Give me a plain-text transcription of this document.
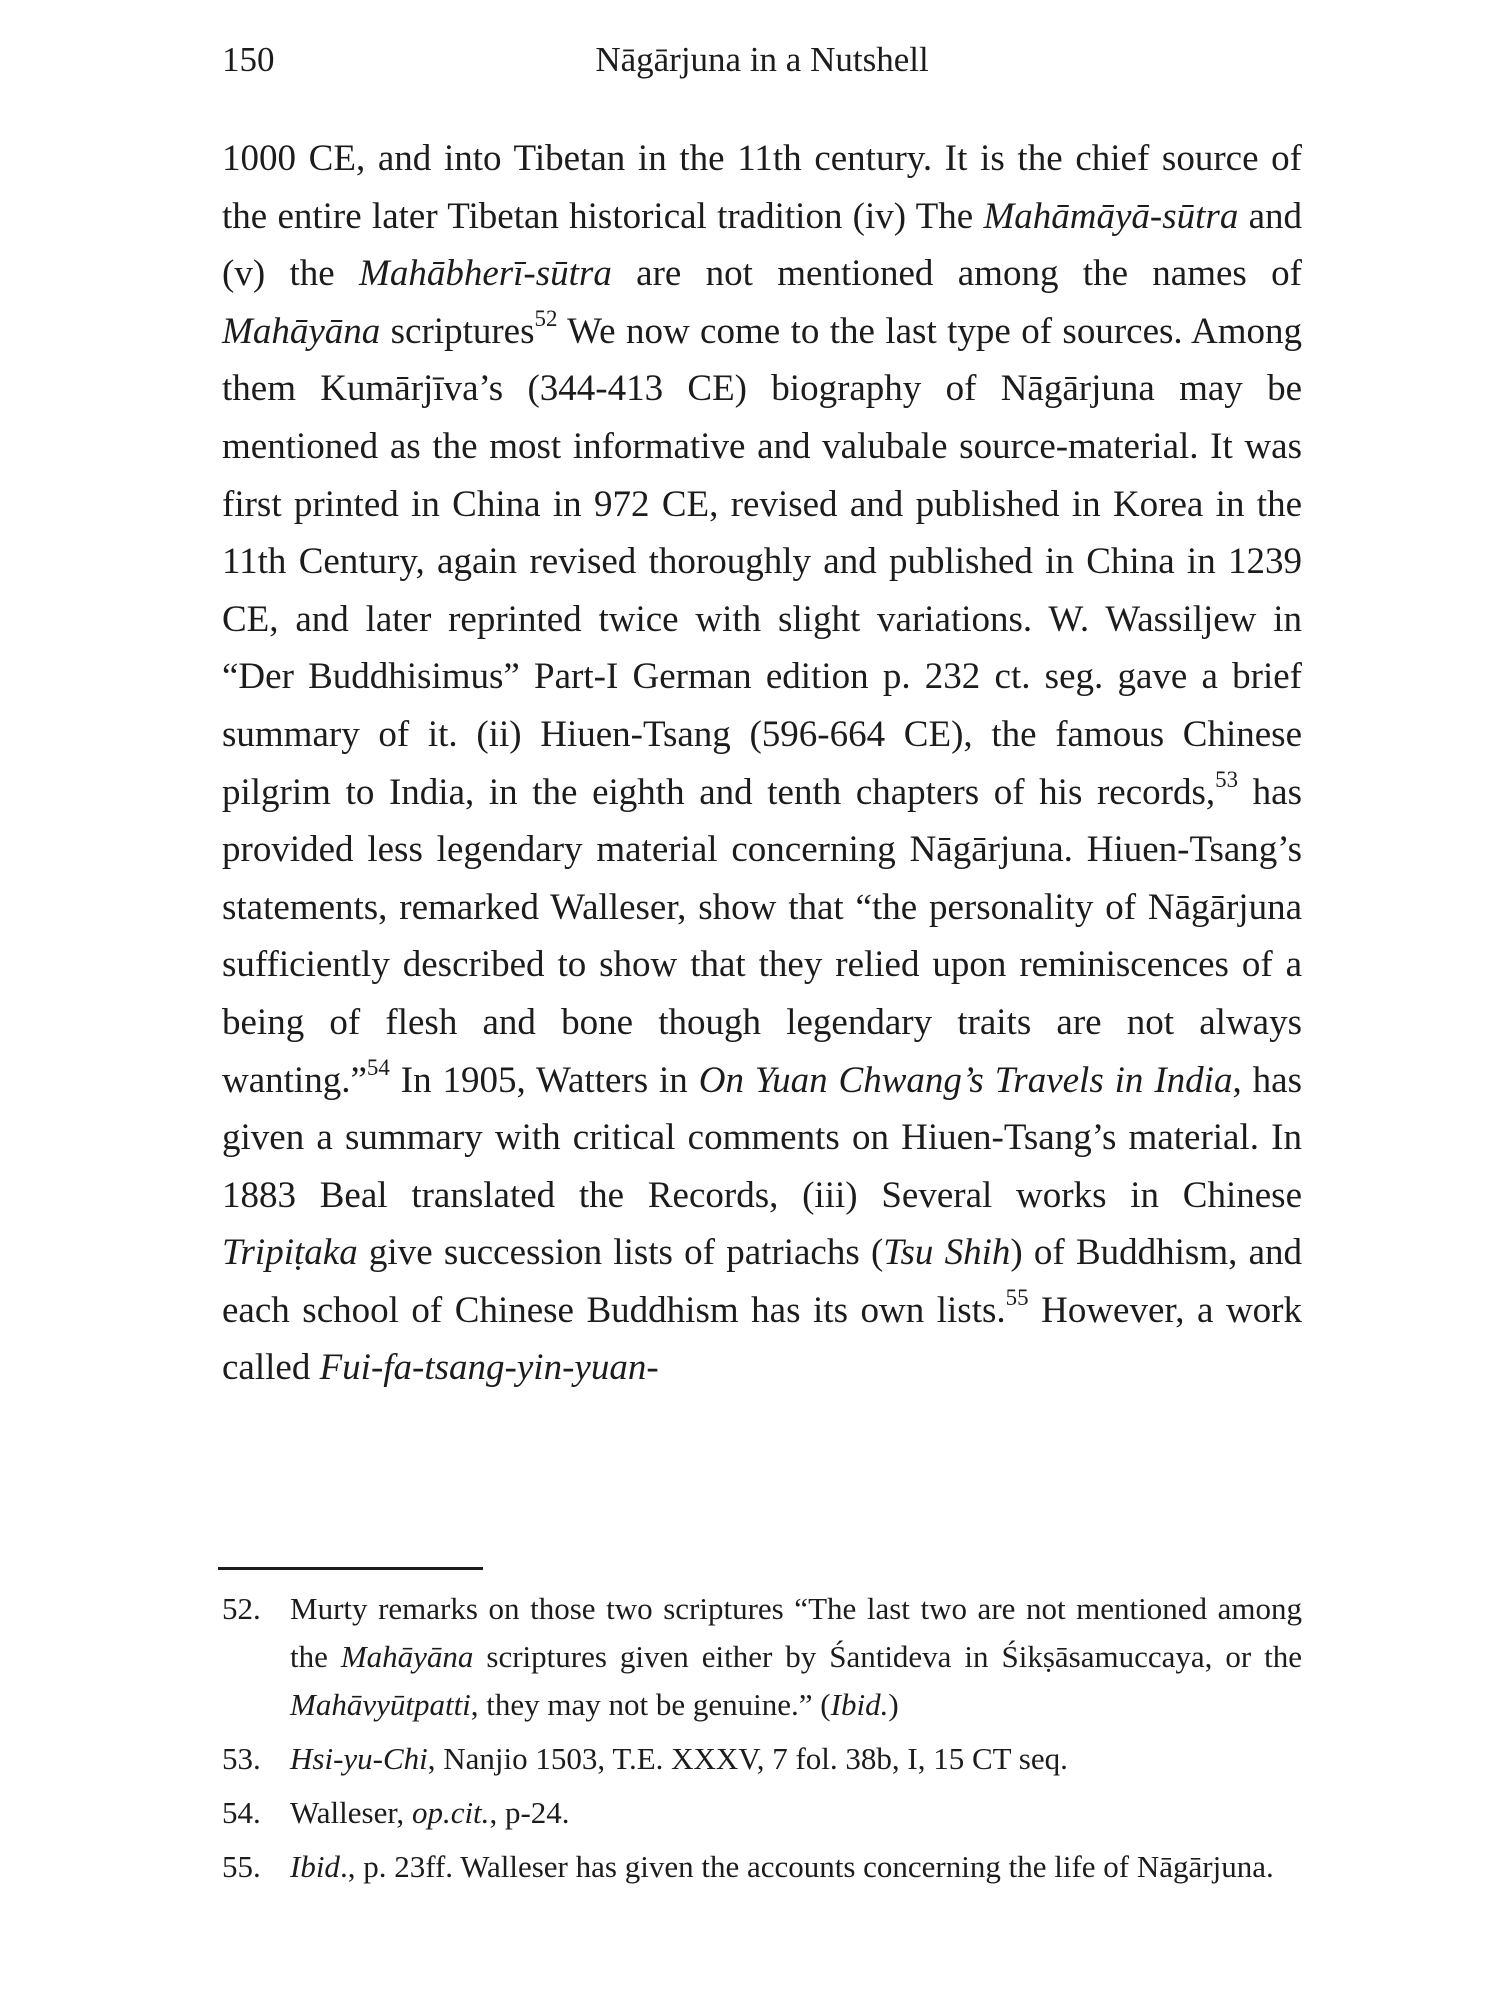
150	Nāgārjuna in a Nutshell

1000 CE, and into Tibetan in the 11th century. It is the chief source of the entire later Tibetan historical tradition (iv) The Mahāmāyā-sūtra and (v) the Mahābherī-sūtra are not mentioned among the names of Mahāyāna scriptures$^{52}$ We now come to the last type of sources. Among them Kumārjīva’s (344-413 CE) biography of Nāgārjuna may be mentioned as the most informative and valubale source-material. It was first printed in China in 972 CE, revised and published in Korea in the 11th Century, again revised thoroughly and published in China in 1239 CE, and later reprinted twice with slight variations. W. Wassiljew in “Der Buddhisimus” Part-I German edition p. 232 ct. seg. gave a brief summary of it. (ii) Hiuen-Tsang (596-664 CE), the famous Chinese pilgrim to India, in the eighth and tenth chapters of his records,$^{53}$ has provided less legendary material concerning Nāgārjuna. Hiuen-Tsang’s statements, remarked Walleser, show that “the personality of Nāgārjuna sufficiently described to show that they relied upon reminiscences of a being of flesh and bone though legendary traits are not always wanting.”$^{54}$ In 1905, Watters in On Yuan Chwang’s Travels in India, has given a summary with critical comments on Hiuen-Tsang’s material. In 1883 Beal translated the Records, (iii) Several works in Chinese Tripiṭaka give succession lists of patriachs (Tsu Shih) of Buddhism, and each school of Chinese Buddhism has its own lists.$^{55}$ However, a work called Fui-fa-tsang-yin-yuan-

52. Murty remarks on those two scriptures “The last two are not mentioned among the Mahāyāna scriptures given either by Śantideva in Śikṣāsamuccaya, or the Mahāvyūtpatti, they may not be genuine.” (Ibid.)
53. Hsi-yu-Chi, Nanjio 1503, T.E. XXXV, 7 fol. 38b, I, 15 CT seq.
54. Walleser, op.cit., p-24.
55. Ibid., p. 23ff. Walleser has given the accounts concerning the life of Nāgārjuna.
